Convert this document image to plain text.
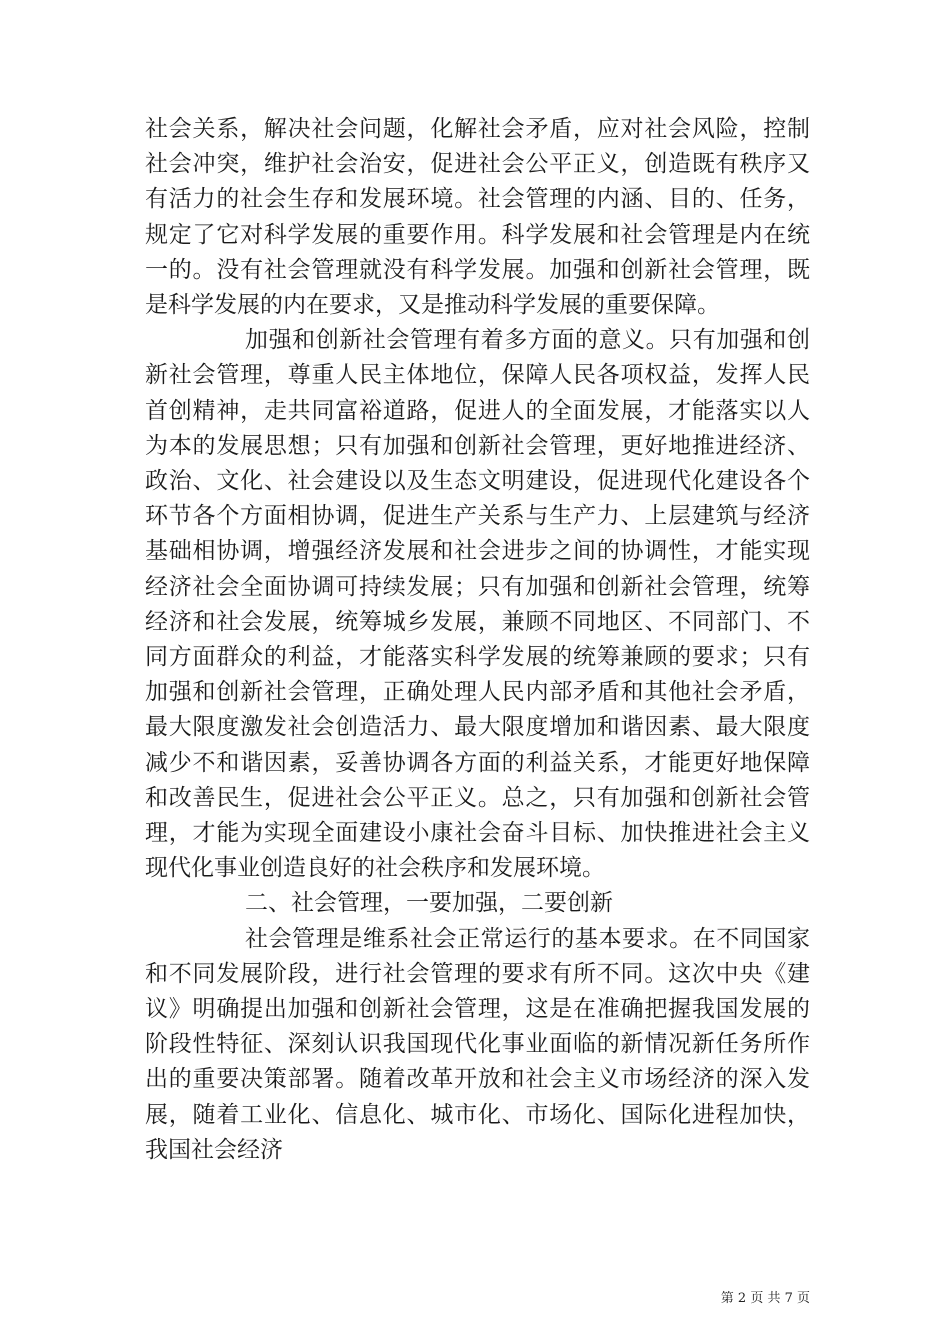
社会关系，解决社会问题，化解社会矛盾，应对社会风险，控制社会冲突，维护社会治安，促进社会公平正义，创造既有秩序又有活力的社会生存和发展环境。社会管理的内涵、目的、任务，规定了它对科学发展的重要作用。科学发展和社会管理是内在统一的。没有社会管理就没有科学发展。加强和创新社会管理，既是科学发展的内在要求，又是推动科学发展的重要保障。

加强和创新社会管理有着多方面的意义。只有加强和创新社会管理，尊重人民主体地位，保障人民各项权益，发挥人民首创精神，走共同富裕道路，促进人的全面发展，才能落实以人为本的发展思想；只有加强和创新社会管理，更好地推进经济、政治、文化、社会建设以及生态文明建设，促进现代化建设各个环节各个方面相协调，促进生产关系与生产力、上层建筑与经济基础相协调，增强经济发展和社会进步之间的协调性，才能实现经济社会全面协调可持续发展；只有加强和创新社会管理，统筹经济和社会发展，统筹城乡发展，兼顾不同地区、不同部门、不同方面群众的利益，才能落实科学发展的统筹兼顾的要求；只有加强和创新社会管理，正确处理人民内部矛盾和其他社会矛盾，最大限度激发社会创造活力、最大限度增加和谐因素、最大限度减少不和谐因素，妥善协调各方面的利益关系，才能更好地保障和改善民生，促进社会公平正义。总之，只有加强和创新社会管理，才能为实现全面建设小康社会奋斗目标、加快推进社会主义现代化事业创造良好的社会秩序和发展环境。

二、社会管理，一要加强，二要创新

社会管理是维系社会正常运行的基本要求。在不同国家和不同发展阶段，进行社会管理的要求有所不同。这次中央《建议》明确提出加强和创新社会管理，这是在准确把握我国发展的阶段性特征、深刻认识我国现代化事业面临的新情况新任务所作出的重要决策部署。随着改革开放和社会主义市场经济的深入发展，随着工业化、信息化、城市化、市场化、国际化进程加快，我国社会经济

第 2 页 共 7 页
